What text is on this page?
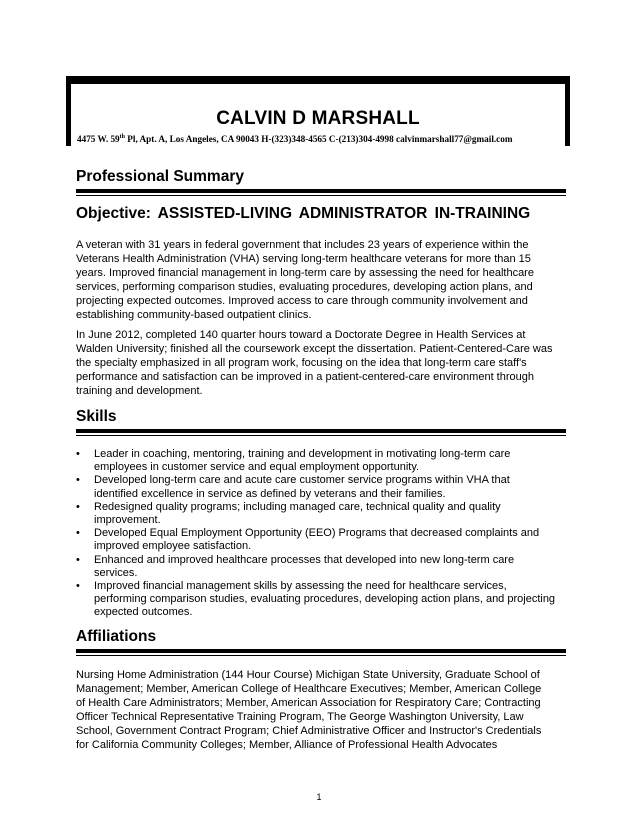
CALVIN D MARSHALL
4475 W. 59th Pl, Apt. A, Los Angeles, CA 90043 H-(323)348-4565 C-(213)304-4998 calvinmarshall77@gmail.com
Professional Summary
Objective: ASSISTED-LIVING ADMINISTRATOR IN-TRAINING
A veteran with 31 years in federal government that includes 23 years of experience within the
Veterans Health Administration (VHA) serving long-term healthcare veterans for more than 15
years. Improved financial management in long-term care by assessing the need for healthcare
services, performing comparison studies, evaluating procedures, developing action plans, and
projecting expected outcomes. Improved access to care through community involvement and
establishing community-based outpatient clinics.
In June 2012, completed 140 quarter hours toward a Doctorate Degree in Health Services at
Walden University; finished all the coursework except the dissertation. Patient-Centered-Care was
the specialty emphasized in all program work, focusing on the idea that long-term care staff's
performance and satisfaction can be improved in a patient-centered-care environment through
training and development.
Skills
• Leader in coaching, mentoring, training and development in motivating long-term care
employees in customer service and equal employment opportunity.
• Developed long-term care and acute care customer service programs within VHA that
identified excellence in service as defined by veterans and their families.
• Redesigned quality programs; including managed care, technical quality and quality
improvement.
• Developed Equal Employment Opportunity (EEO) Programs that decreased complaints and
improved employee satisfaction.
• Enhanced and improved healthcare processes that developed into new long-term care
services.
• Improved financial management skills by assessing the need for healthcare services,
performing comparison studies, evaluating procedures, developing action plans, and projecting
expected outcomes.
Affiliations
Nursing Home Administration (144 Hour Course) Michigan State University, Graduate School of
Management; Member, American College of Healthcare Executives; Member, American College
of Health Care Administrators; Member, American Association for Respiratory Care; Contracting
Officer Technical Representative Training Program, The George Washington University, Law
School, Government Contract Program; Chief Administrative Officer and Instructor's Credentials
for California Community Colleges; Member, Alliance of Professional Health Advocates
1
